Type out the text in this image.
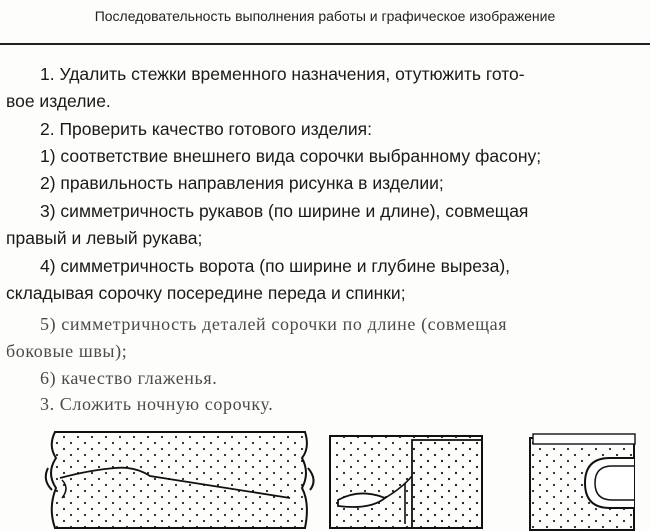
Последовательность выполнения работы и графическое изображение
1. Удалить стежки временного назначения, отутюжить гото-
вое изделие.
2. Проверить качество готового изделия:
1) соответствие внешнего вида сорочки выбранному фасону;
2) правильность направления рисунка в изделии;
3) симметричность рукавов (по ширине и длине), совмещая
правый и левый рукава;
4) симметричность ворота (по ширине и глубине выреза),
складывая сорочку посередине переда и спинки;
5) симметричность деталей сорочки по длине (совмещая
боковые швы);
6) качество глаженья.
3. Сложить ночную сорочку.
